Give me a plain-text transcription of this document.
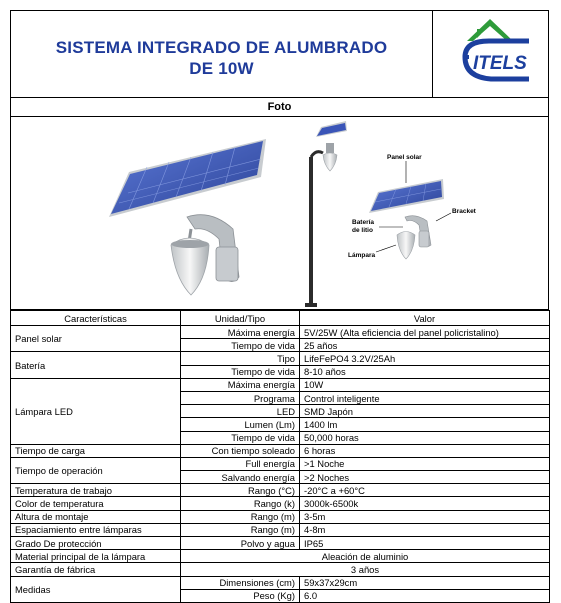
SISTEMA INTEGRADO DE ALUMBRADO
DE 10W	ITELS
Foto
Panel solar
Bracket
Batería
de litio
Lámpara
Características	Unidad/Tipo	Valor
Panel solar	Máxima energía	5V/25W (Alta eficiencia del panel policristalino)
	Tiempo de vida	25 años
Batería	Tipo	LifeFePO4 3.2V/25Ah
	Tiempo de vida	8-10 años
Lámpara LED	Máxima energía	10W
	Programa	Control inteligente
	LED	SMD Japón
	Lumen (Lm)	1400 lm
	Tiempo de vida	50,000 horas
Tiempo de carga	Con tiempo soleado	6 horas
Tiempo de operación	Full energía	>1 Noche
	Salvando energía	>2 Noches
Temperatura de trabajo	Rango (°C)	-20°C a +60°C
Color de temperatura	Rango (k)	3000k-6500k
Altura de montaje	Rango (m)	3-5m
Espaciamiento entre lámparas	Rango (m)	4-8m
Grado De protección	Polvo y agua	IP65
Material principal de la lámpara	Aleación de aluminio	
Garantía de fábrica	3 años	
Medidas	Dimensiones (cm)	59x37x29cm
	Peso (Kg)	6.0
